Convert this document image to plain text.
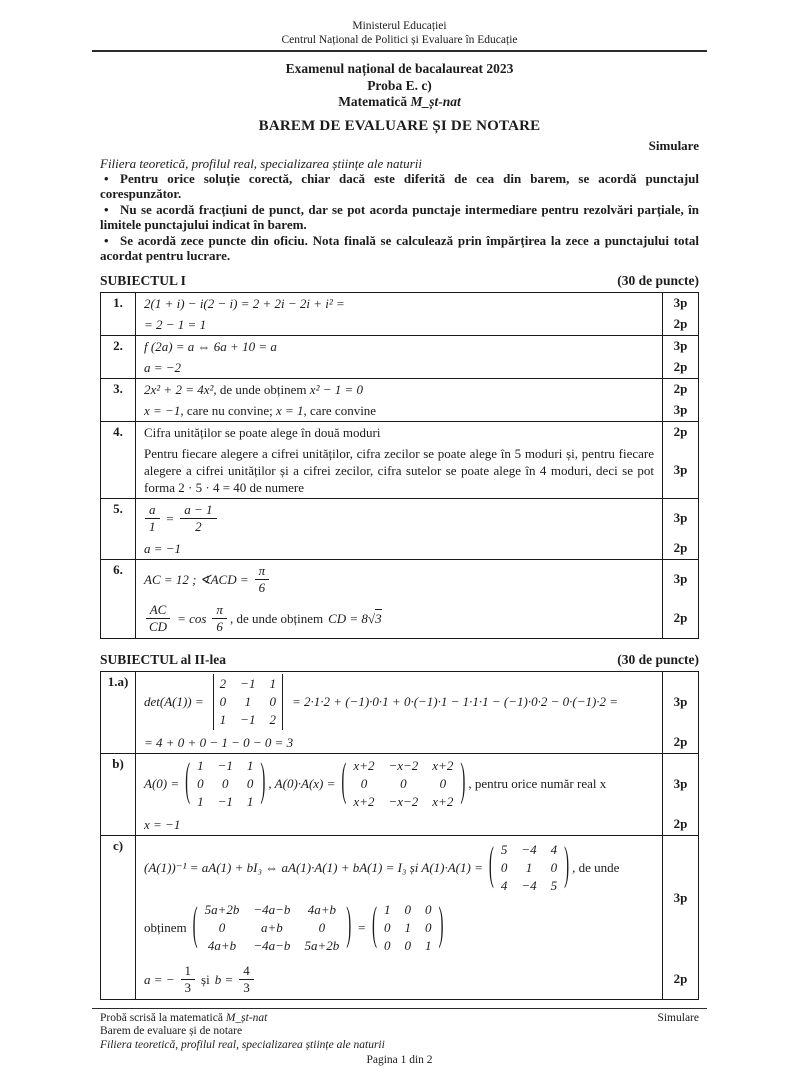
Ministerul Educației
Centrul Național de Politici și Evaluare în Educație
Examenul național de bacalaureat 2023
Proba E. c)
Matematică M_șt-nat
BAREM DE EVALUARE ȘI DE NOTARE
Simulare
Filiera teoretică, profilul real, specializarea științe ale naturii
• Pentru orice soluție corectă, chiar dacă este diferită de cea din barem, se acordă punctajul corespunzător.
• Nu se acordă fracțiuni de punct, dar se pot acorda punctaje intermediare pentru rezolvări parțiale, în limitele punctajului indicat în barem.
• Se acordă zece puncte din oficiu. Nota finală se calculează prin împărțirea la zece a punctajului total acordat pentru lucrare.
SUBIECTUL I	(30 de puncte)
1.	2(1 + i) − i(2 − i) = 2 + 2i − 2i + i² =	3p
= 2 − 1 = 1	2p
2.	f (2a) = a ⇔ 6a + 10 = a	3p
a = −2	2p
3.	2x² + 2 = 4x², de unde obținem x² − 1 = 0	2p
x = −1, care nu convine; x = 1, care convine	3p
4.	Cifra unităților se poate alege în două moduri	2p
Pentru fiecare alegere a cifrei unităților, cifra zecilor se poate alege în 5 moduri și, pentru fiecare alegere a cifrei unităților și a cifrei zecilor, cifra sutelor se poate alege în 4 moduri, deci se pot forma 2 · 5 · 4 = 40 de numere
3p
5.	$\frac{a}{1} = \frac{a - 1}{2}$	3p
a = −1	2p
6.
AC = 12 ; ∢ACD = $\frac{\pi}{6}$	3p
$\frac{AC}{CD} = \cos \frac{\pi}{6}$ , de unde obținem CD = 8√ 3	2p
SUBIECTUL al II-lea	(30 de puncte)
1.a)
det(A(1)) =
2 −1 1
0	1	0
1 −1 2
= 2·1·2 + (−1)·0·1 + 0·(−1)·1 − 1·1·1 − (−1)·0·2 − 0·(−1)·2 =	3p
= 4 + 0 + 0 − 1 − 0 − 0 = 3	2p
b)
A(0) = ( 1 −1 1
0	0	0
1 −1 1 ) , A(0)·A(x) = ( x+2 −x−2 x+2
0	0	0
x+2 −x−2 x+2 ) , pentru orice număr real x	3p
x = −1	2p
c)
(A(1))⁻¹ = aA(1) + bI₃ ⇔ aA(1)·A(1) + bA(1) = I₃ și A(1)·A(1) = ( 5 −4 4
0	1	0
4 −4 5 ) , de unde
obținem ( 5a+2b −4a−b 4a+b
0	a+b	0
4a+b −4a−b 5a+2b ) = ( 1 0 0
0 1 0
0 0 1 )
3p
a = − $\frac{1}{3}$ și $b = \frac{4}{3}$	2p
Probă scrisă la matematică M_șt-nat	Simulare
Barem de evaluare și de notare
Filiera teoretică, profilul real, specializarea științe ale naturii
Pagina 1 din 2
